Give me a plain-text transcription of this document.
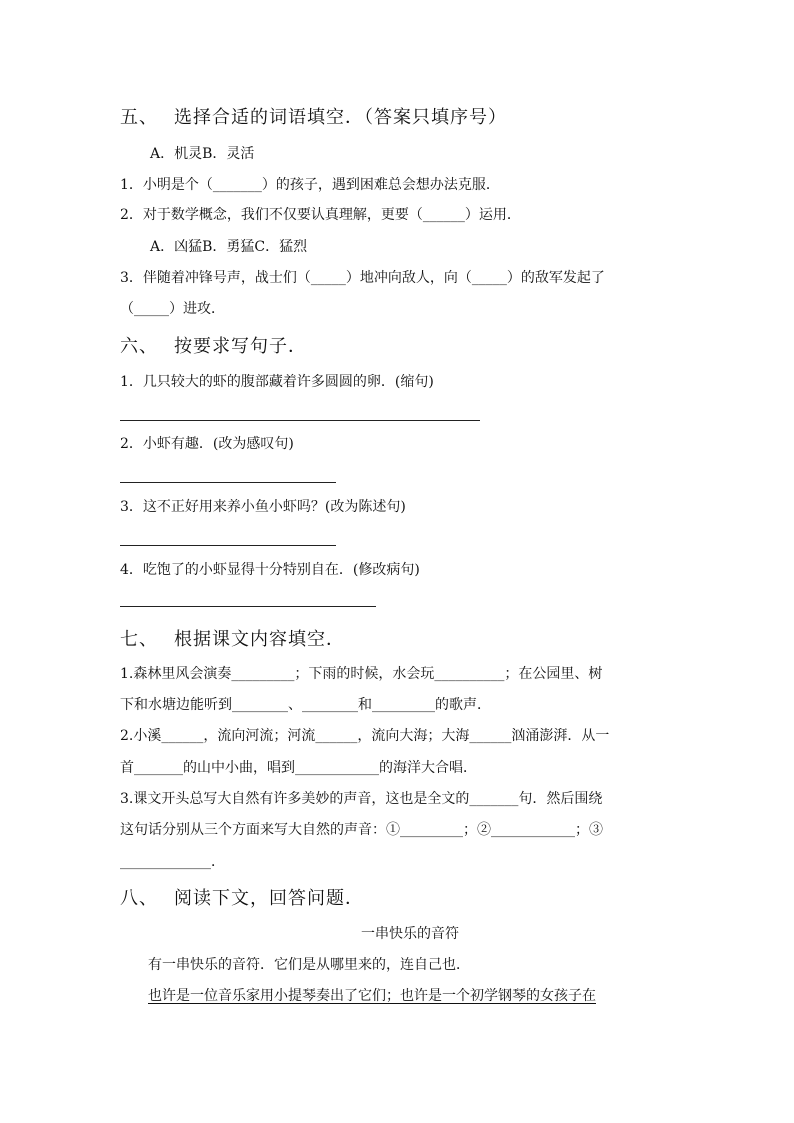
五、 选择合适的词语填空．（答案只填序号）
A．机灵B．灵活
1．小明是个（_______）的孩子，遇到困难总会想办法克服．
2．对于数学概念，我们不仅要认真理解，更要（______）运用．
A．凶猛B．勇猛C．猛烈
3．伴随着冲锋号声，战士们（_____）地冲向敌人，向（_____）的敌军发起了
（_____）进攻．
六、 按要求写句子．
1．几只较大的虾的腹部藏着许多圆圆的卵．(缩句)
2．小虾有趣．(改为感叹句)
3．这不正好用来养小鱼小虾吗？(改为陈述句)
4．吃饱了的小虾显得十分特别自在．(修改病句)
七、 根据课文内容填空．
1.森林里风会演奏_________；下雨的时候，水会玩__________；在公园里、树
下和水塘边能听到________、________和_________的歌声．
2.小溪______，流向河流；河流______，流向大海；大海______汹涌澎湃．从一
首_______的山中小曲，唱到____________的海洋大合唱．
3.课文开头总写大自然有许多美妙的声音，这也是全文的_______句．然后围绕
这句话分别从三个方面来写大自然的声音：①_________；②____________；③
_____________．
八、 阅读下文，回答问题．
一串快乐的音符
有一串快乐的音符．它们是从哪里来的，连自己也．
也许是一位音乐家用小提琴奏出了它们；也许是一个初学钢琴的女孩子在
